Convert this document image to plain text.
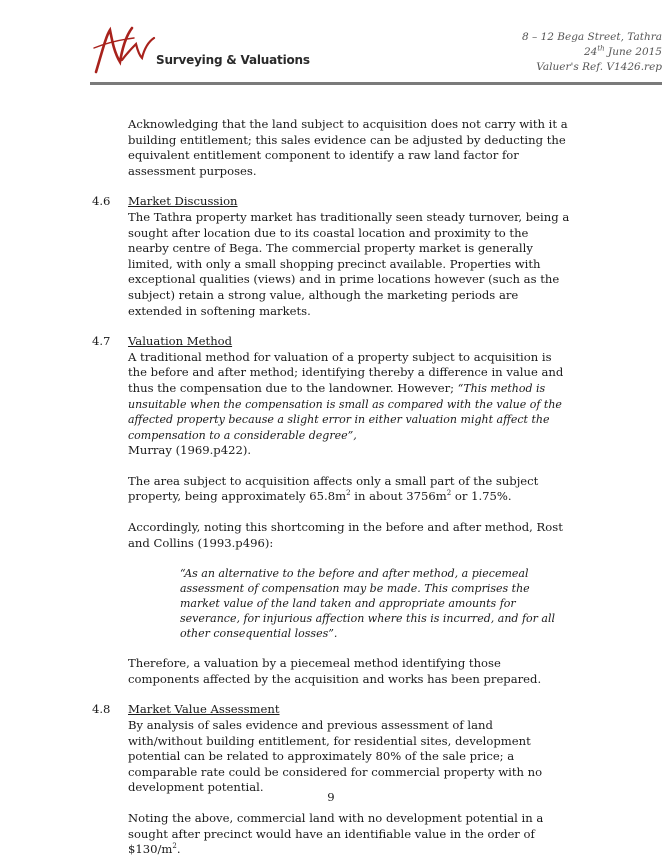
Surveying & Valuations
8 – 12 Bega Street, Tathra
24th June 2015
Valuer's Ref. V1426.rep

Acknowledging that the land subject to acquisition does not carry with it a building entitlement; this sales evidence can be adjusted by deducting the equivalent entitlement component to identify a raw land factor for assessment purposes.

4.6 Market Discussion

The Tathra property market has traditionally seen steady turnover, being a sought after location due to its coastal location and proximity to the nearby centre of Bega. The commercial property market is generally limited, with only a small shopping precinct available. Properties with exceptional qualities (views) and in prime locations however (such as the subject) retain a strong value, although the marketing periods are extended in softening markets.

4.7 Valuation Method

A traditional method for valuation of a property subject to acquisition is the before and after method; identifying thereby a difference in value and thus the compensation due to the landowner. However; “This method is unsuitable when the compensation is small as compared with the value of the affected property because a slight error in either valuation might affect the compensation to a considerable degree”,
Murray (1969.p422).

The area subject to acquisition affects only a small part of the subject property, being approximately $65.8m^2$ in about $3756m^2$ or 1.75%.

Accordingly, noting this shortcoming in the before and after method, Rost and Collins (1993.p496):

“As an alternative to the before and after method, a piecemeal assessment of compensation may be made. This comprises the market value of the land taken and appropriate amounts for severance, for injurious affection where this is incurred, and for all other consequential losses”.

Therefore, a valuation by a piecemeal method identifying those components affected by the acquisition and works has been prepared.

4.8 Market Value Assessment

By analysis of sales evidence and previous assessment of land with/without building entitlement, for residential sites, development potential can be related to approximately 80% of the sale price; a comparable rate could be considered for commercial property with no development potential.

Noting the above, commercial land with no development potential in a sought after precinct would have an identifiable value in the order of $\$130/m^2$.

9
